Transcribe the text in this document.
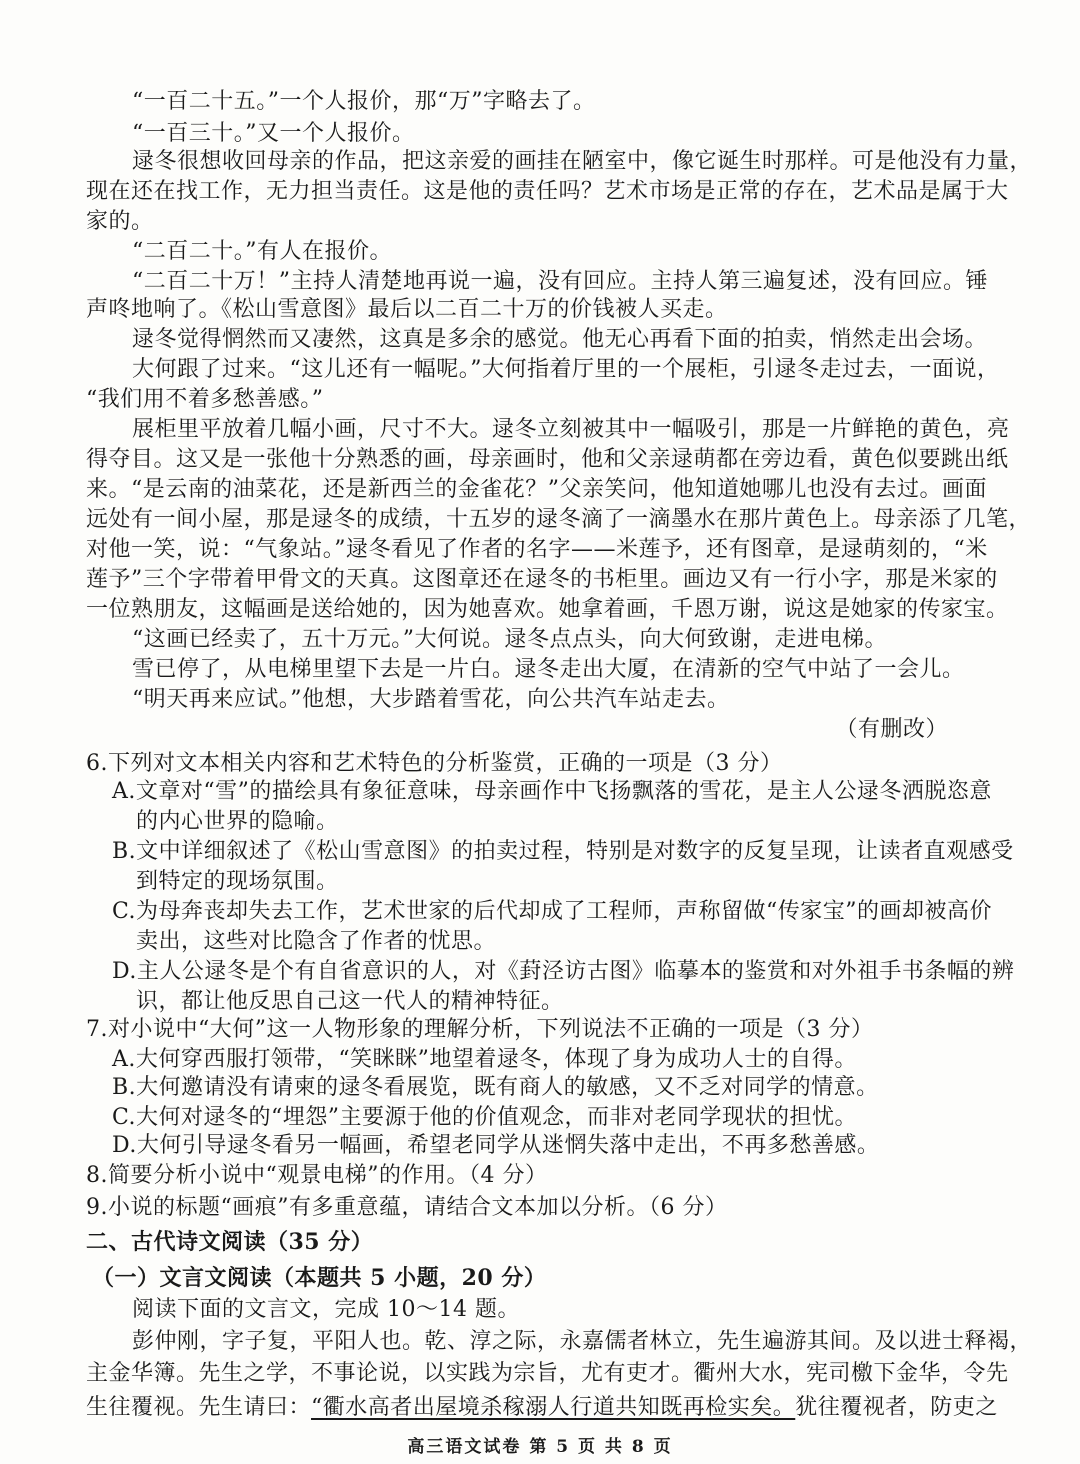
“一百二十五。”一个人报价，那“万”字略去了。
“一百三十。”又一个人报价。
逯冬很想收回母亲的作品，把这亲爱的画挂在陋室中，像它诞生时那样。可是他没有力量，
现在还在找工作，无力担当责任。这是他的责任吗？艺术市场是正常的存在，艺术品是属于大
家的。
“二百二十。”有人在报价。
“二百二十万！”主持人清楚地再说一遍，没有回应。主持人第三遍复述，没有回应。锤
声咚地响了。《松山雪意图》最后以二百二十万的价钱被人买走。
逯冬觉得惘然而又凄然，这真是多余的感觉。他无心再看下面的拍卖，悄然走出会场。
大何跟了过来。“这儿还有一幅呢。”大何指着厅里的一个展柜，引逯冬走过去，一面说，
“我们用不着多愁善感。”
展柜里平放着几幅小画，尺寸不大。逯冬立刻被其中一幅吸引，那是一片鲜艳的黄色，亮
得夺目。这又是一张他十分熟悉的画，母亲画时，他和父亲逯萌都在旁边看，黄色似要跳出纸
来。“是云南的油菜花，还是新西兰的金雀花？”父亲笑问，他知道她哪儿也没有去过。画面
远处有一间小屋，那是逯冬的成绩，十五岁的逯冬滴了一滴墨水在那片黄色上。母亲添了几笔，
对他一笑，说：“气象站。”逯冬看见了作者的名字——米莲予，还有图章，是逯萌刻的，“米
莲予”三个字带着甲骨文的天真。这图章还在逯冬的书柜里。画边又有一行小字，那是米家的
一位熟朋友，这幅画是送给她的，因为她喜欢。她拿着画，千恩万谢，说这是她家的传家宝。
“这画已经卖了，五十万元。”大何说。逯冬点点头，向大何致谢，走进电梯。
雪已停了，从电梯里望下去是一片白。逯冬走出大厦，在清新的空气中站了一会儿。
“明天再来应试。”他想，大步踏着雪花，向公共汽车站走去。
（有删改）
6.下列对文本相关内容和艺术特色的分析鉴赏，正确的一项是（3 分）
A.文章对“雪”的描绘具有象征意味，母亲画作中飞扬飘落的雪花，是主人公逯冬洒脱恣意
的内心世界的隐喻。
B.文中详细叙述了《松山雪意图》的拍卖过程，特别是对数字的反复呈现，让读者直观感受
到特定的现场氛围。
C.为母奔丧却失去工作，艺术世家的后代却成了工程师，声称留做“传家宝”的画却被高价
卖出，这些对比隐含了作者的忧思。
D.主人公逯冬是个有自省意识的人，对《葑泾访古图》临摹本的鉴赏和对外祖手书条幅的辨
识，都让他反思自己这一代人的精神特征。
7.对小说中“大何”这一人物形象的理解分析，下列说法不正确的一项是（3 分）
A.大何穿西服打领带，“笑眯眯”地望着逯冬，体现了身为成功人士的自得。
B.大何邀请没有请柬的逯冬看展览，既有商人的敏感，又不乏对同学的情意。
C.大何对逯冬的“埋怨”主要源于他的价值观念，而非对老同学现状的担忧。
D.大何引导逯冬看另一幅画，希望老同学从迷惘失落中走出，不再多愁善感。
8.简要分析小说中“观景电梯”的作用。（4 分）
9.小说的标题“画痕”有多重意蕴，请结合文本加以分析。（6 分）
二、古代诗文阅读（35 分）
（一）文言文阅读（本题共 5 小题，20 分）
阅读下面的文言文，完成 10～14 题。
彭仲刚，字子复，平阳人也。乾、淳之际，永嘉儒者林立，先生遍游其间。及以进士释褐，
主金华簿。先生之学，不事论说，以实践为宗旨，尤有吏才。衢州大水，宪司檄下金华，令先
生往覆视。先生请曰：“衢水高者出屋境杀稼溺人行道共知既再检实矣。犹往覆视者，防吏之
高三语文试卷 第 5 页 共 8 页
